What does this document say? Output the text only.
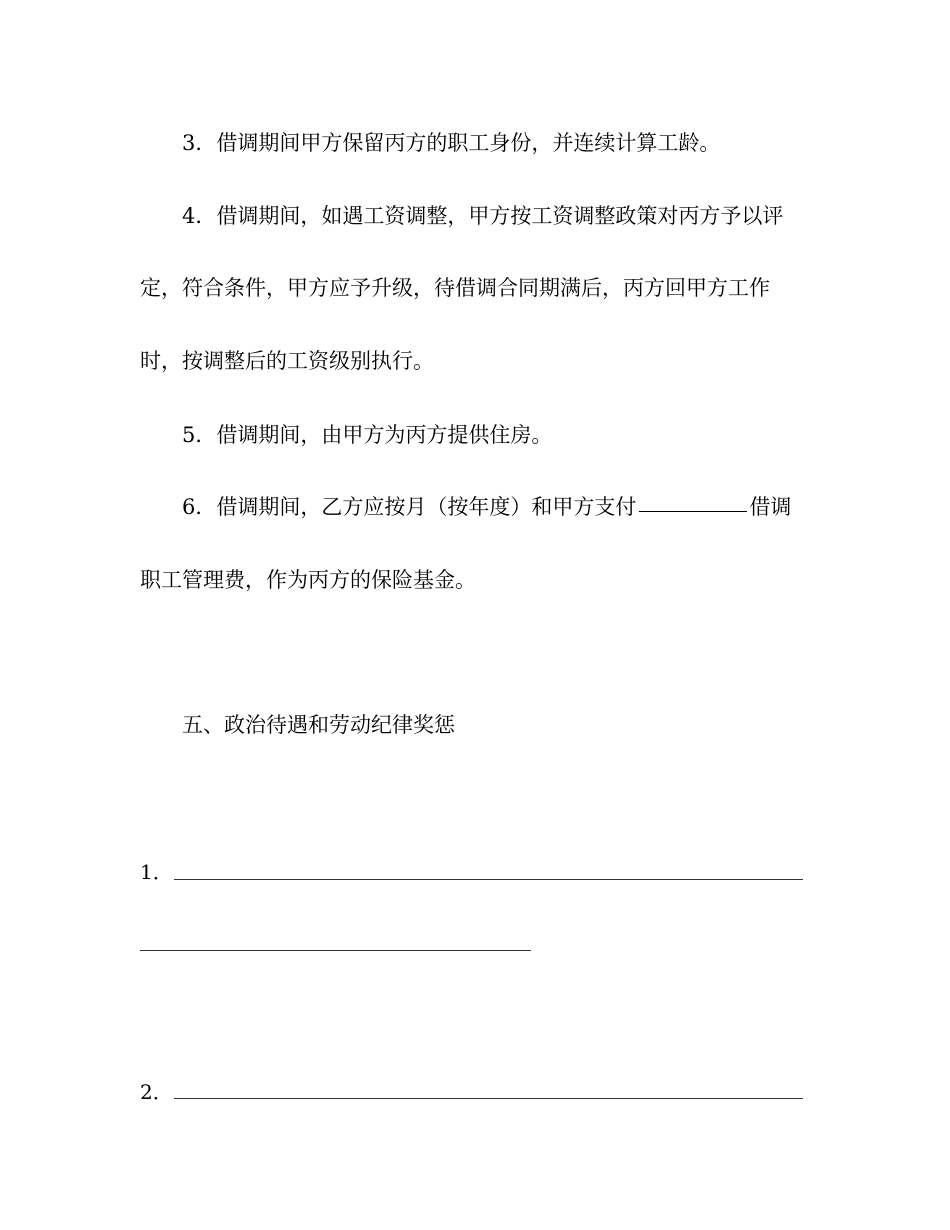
3．借调期间甲方保留丙方的职工身份，并连续计算工龄。
4．借调期间，如遇工资调整，甲方按工资调整政策对丙方予以评
定，符合条件，甲方应予升级，待借调合同期满后，丙方回甲方工作
时，按调整后的工资级别执行。
5．借调期间，由甲方为丙方提供住房。
6．借调期间，乙方应按月（按年度）和甲方支付	借调
职工管理费，作为丙方的保险基金。
五、政治待遇和劳动纪律奖惩
1．
2．
